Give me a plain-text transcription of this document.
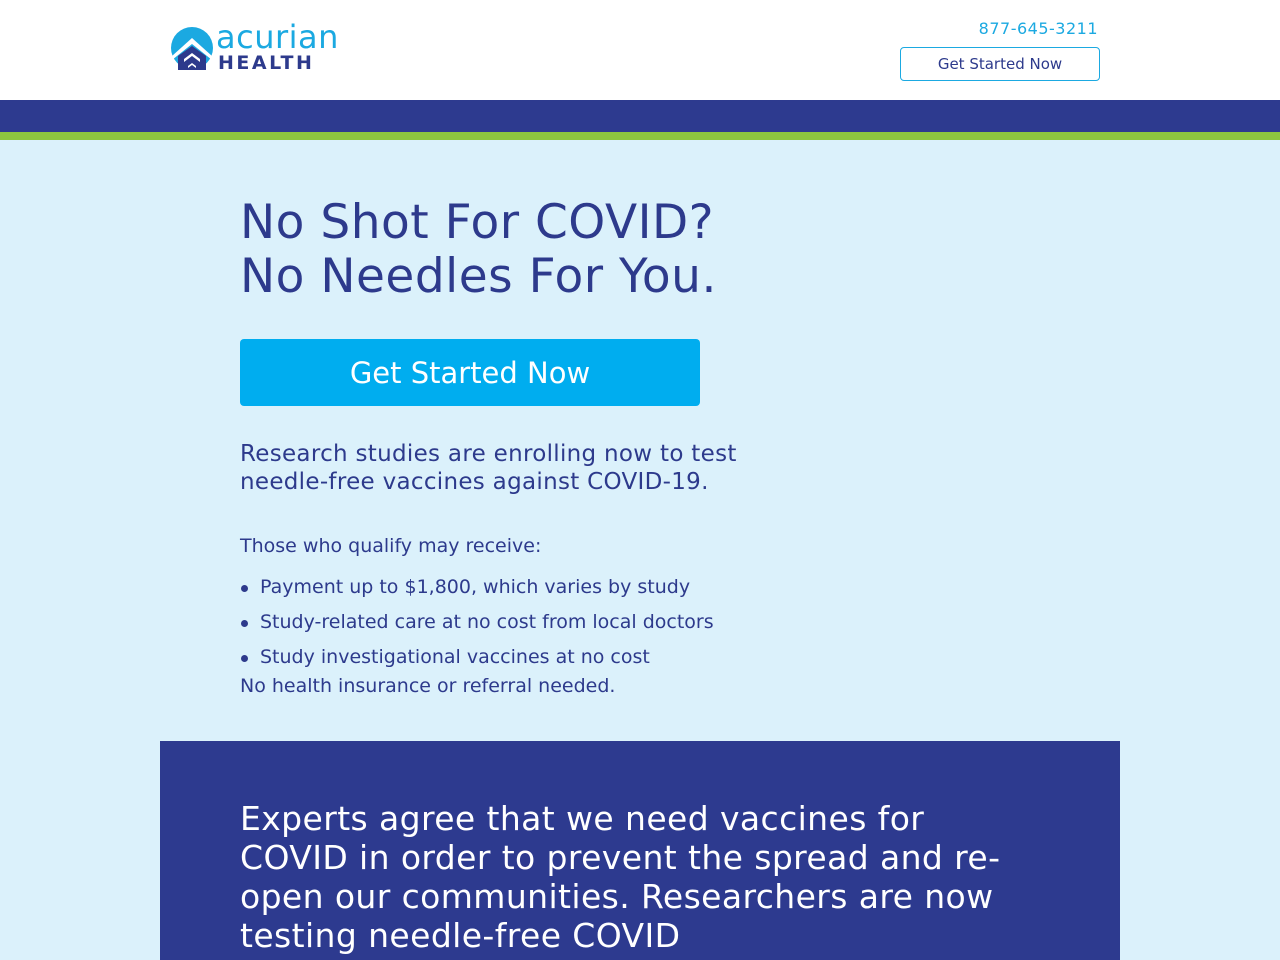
acurian
HEALTH
877-645-3211
Get Started Now
No Shot For COVID?
No Needles For You.
Get Started Now

Research studies are enrolling now to test needle-free vaccines against COVID-19.

Those who qualify may receive:

Payment up to $1,800, which varies by study
Study-related care at no cost from local doctors
Study investigational vaccines at no cost

No health insurance or referral needed.

Experts agree that we need vaccines for COVID in order to prevent the spread and re-open our communities. Researchers are now testing needle-free COVID
